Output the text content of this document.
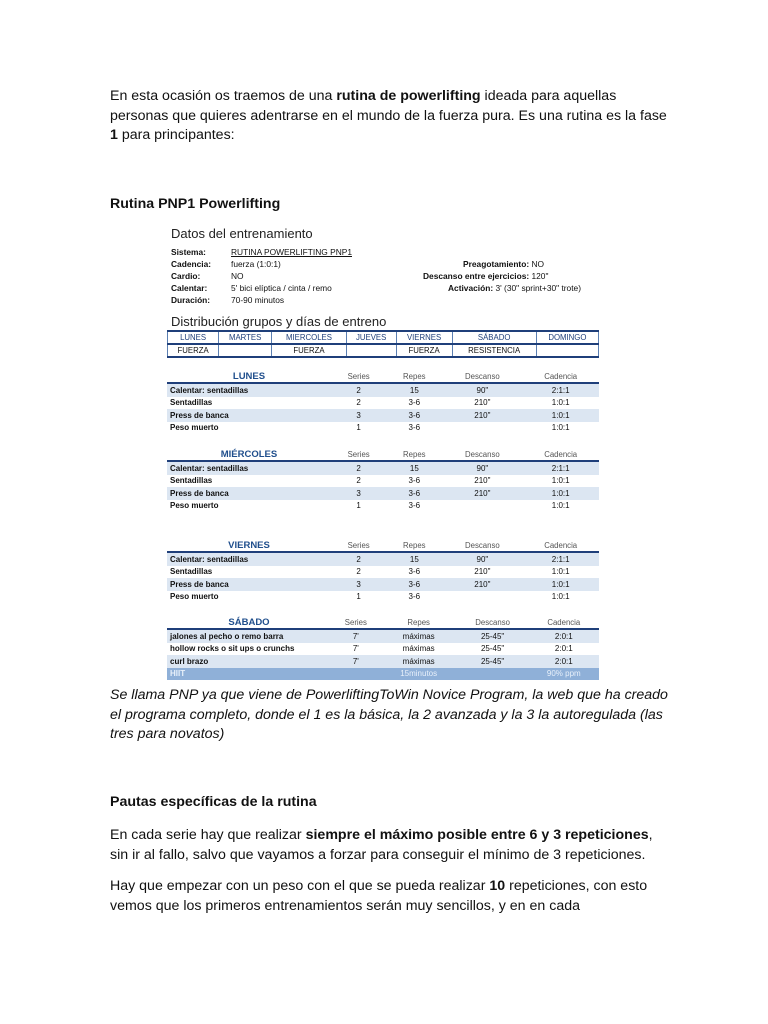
En esta ocasión os traemos de una rutina de powerlifting ideada para aquellas personas que quieres adentrarse en el mundo de la fuerza pura. Es una rutina es la fase 1 para principantes:
Rutina PNP1 Powerlifting
Datos del entrenamiento
Sistema:	RUTINA POWERLIFTING PNP1
Cadencia: fuerza (1:0:1)
Cardio:	NO
Calentar:	5' bici elíptica / cinta / remo
Duración: 70-90 minutos
Preagotamiento: NO
Descanso entre ejercicios: 120"
Activación: 3' (30" sprint+30" trote)
Distribución grupos y días de entreno
LUNES	MARTES	MIERCOLES	JUEVES	VIERNES	SÁBADO	DOMINGO
FUERZA		FUERZA		FUERZA	RESISTENCIA	
LUNES	Series	Repes	Descanso	Cadencia
Calentar: sentadillas	2	15	90"	2:1:1
Sentadillas	2	3-6	210"	1:0:1
Press de banca	3	3-6	210"	1:0:1
Peso muerto	1	3-6		1:0:1
MIÉRCOLES	Series	Repes	Descanso	Cadencia
Calentar: sentadillas	2	15	90"	2:1:1
Sentadillas	2	3-6	210"	1:0:1
Press de banca	3	3-6	210"	1:0:1
Peso muerto	1	3-6		1:0:1
VIERNES	Series	Repes	Descanso	Cadencia
Calentar: sentadillas	2	15	90"	2:1:1
Sentadillas	2	3-6	210"	1:0:1
Press de banca	3	3-6	210"	1:0:1
Peso muerto	1	3-6		1:0:1
SÁBADO	Series	Repes	Descanso	Cadencia
jalones al pecho o remo barra	7'	máximas	25-45"	2:0:1
hollow rocks o sit ups o crunchs	7'	máximas	25-45"	2:0:1
curl brazo	7'	máximas	25-45"	2:0:1
HIIT		15minutos		90% ppm
Se llama PNP ya que viene de PowerliftingToWin Novice Program, la web que ha creado el programa completo, donde el 1 es la básica, la 2 avanzada y la 3 la autoregulada (las tres para novatos)
Pautas específicas de la rutina
En cada serie hay que realizar siempre el máximo posible entre 6 y 3 repeticiones, sin ir al fallo, salvo que vayamos a forzar para conseguir el mínimo de 3 repeticiones.
Hay que empezar con un peso con el que se pueda realizar 10 repeticiones, con esto vemos que los primeros entrenamientos serán muy sencillos, y en en cada
